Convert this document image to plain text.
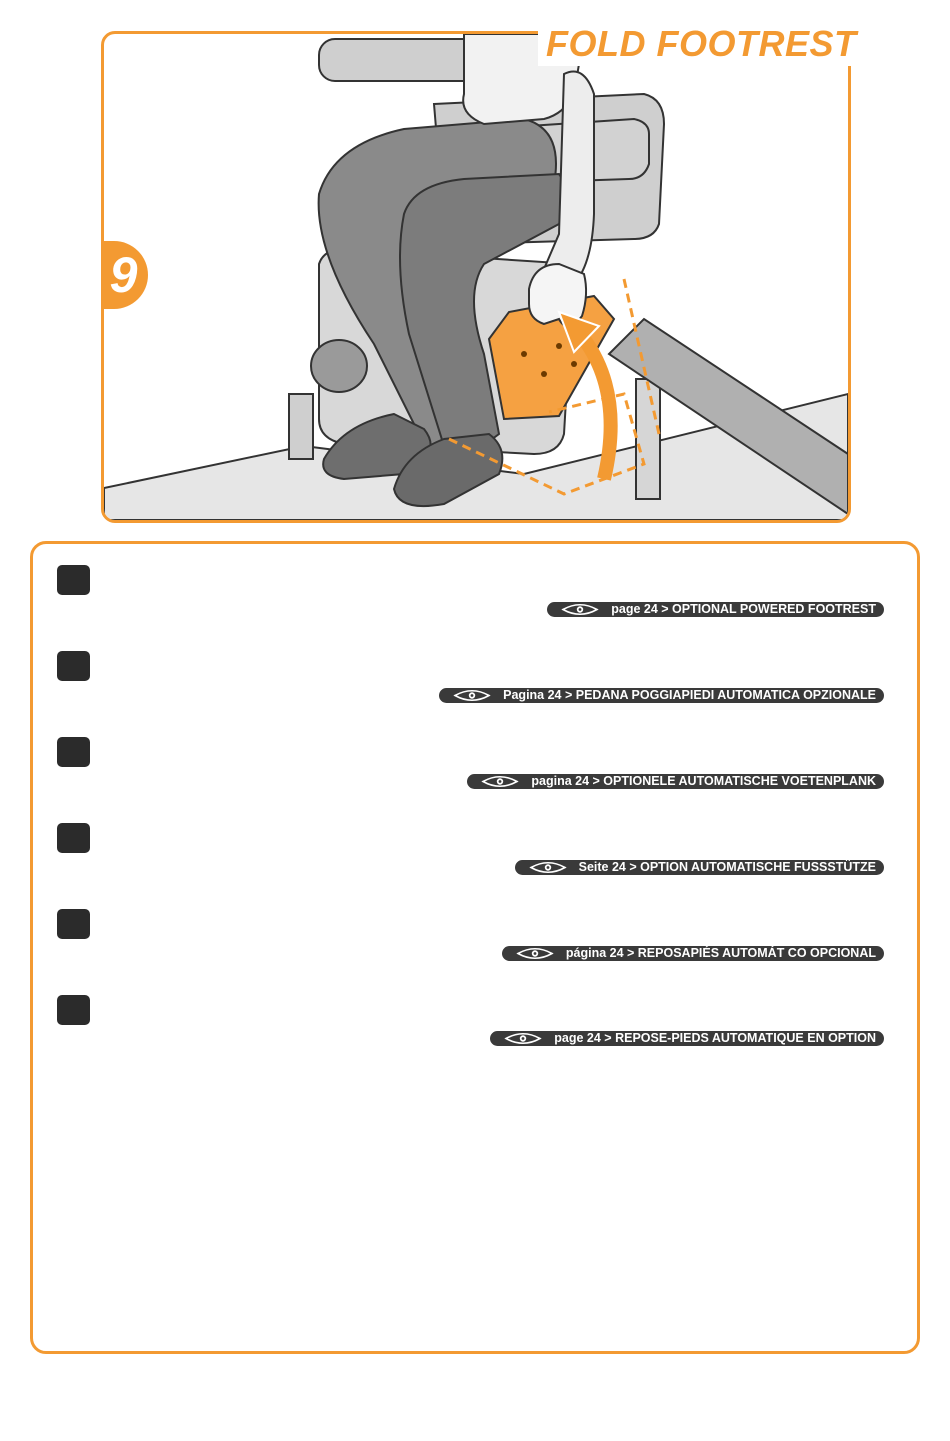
FOLD FOOTREST
9
page 24 > OPTIONAL POWERED FOOTREST
Pagina 24 > PEDANA POGGIAPIEDI AUTOMATICA OPZIONALE
pagina 24 > OPTIONELE AUTOMATISCHE VOETENPLANK
Seite 24 > OPTION AUTOMATISCHE FUSSSTÜTZE
página 24 > REPOSAPIÉS AUTOMÁT CO OPCIONAL
page 24 > REPOSE-PIEDS AUTOMATIQUE EN OPTION
